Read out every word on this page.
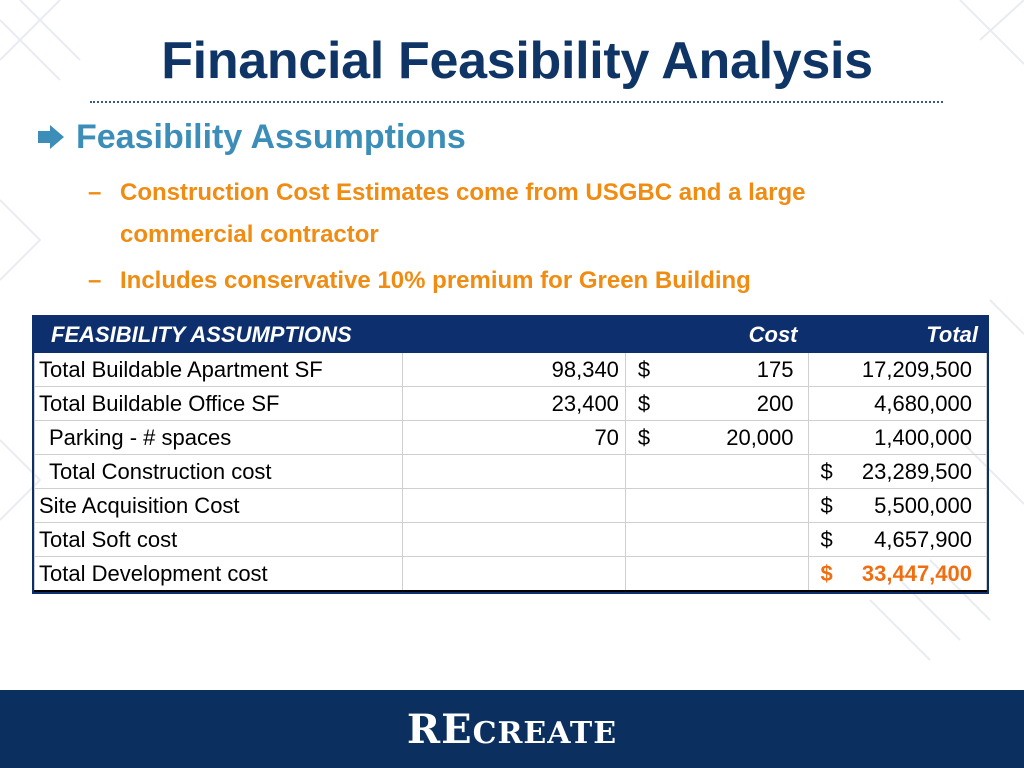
Financial Feasibility Analysis
Feasibility Assumptions
– Construction Cost Estimates come from USGBC and a large commercial contractor
– Includes conservative 10% premium for Green Building
FEASIBILITY ASSUMPTIONS		Cost	Total
Total Buildable Apartment SF	98,340	$ 175	17,209,500

Total Buildable Office SF	23,400	$ 200	4,680,000

Parking - # spaces	70	$ 20,000	1,400,000

Total Construction cost			$ 23,289,500

Site Acquisition Cost			$ 5,500,000

Total Soft cost			$ 4,657,900

Total Development cost			$ 33,447,400
RECREATE
